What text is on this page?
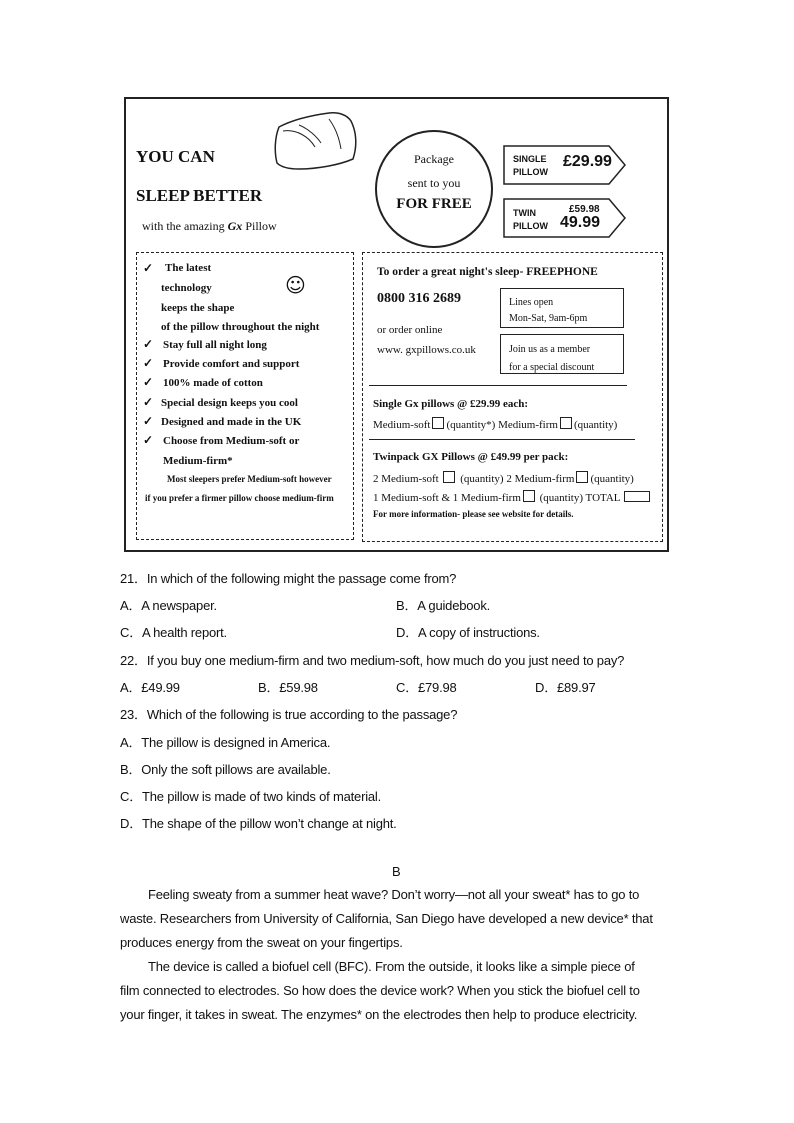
YOU CAN
SLEEP BETTER
with the amazing Gx Pillow
Package
sent to you
FOR FREE
SINGLE
PILLOW
£29.99
TWIN
PILLOW
£59.98
49.99
✓ The latest
technology
keeps the shape
of the pillow throughout the night
☺
✓ Stay full all night long
✓ Provide comfort and support
✓ 100% made of cotton
✓ Special design keeps you cool
✓ Designed and made in the UK
✓ Choose from Medium-soft or
Medium-firm*
Most sleepers prefer Medium-soft however
if you prefer a firmer pillow choose medium-firm
To order a great night's sleep- FREEPHONE
0800 316 2689
or order online
www. gxpillows.co.uk
Lines open
Mon-Sat, 9am-6pm
Join us as a member
for a special discount
Single Gx pillows @ £29.99 each:
Medium-soft (quantity*) Medium-firm (quantity)
Twinpack GX Pillows @ £49.99 per pack:
2 Medium-soft (quantity) 2 Medium-firm (quantity)
1 Medium-soft & 1 Medium-firm (quantity) TOTAL
For more information- please see website for details.
21．In which of the following might the passage come from?
A．A newspaper.	B．A guidebook.
C．A health report.	D．A copy of instructions.
22．If you buy one medium-firm and two medium-soft, how much do you just need to pay?
A．£49.99	B．£59.98	C．£79.98	D．£89.97
23．Which of the following is true according to the passage?
A．The pillow is designed in America.
B．Only the soft pillows are available.
C．The pillow is made of two kinds of material.
D．The shape of the pillow won’t change at night.
B
Feeling sweaty from a summer heat wave? Don’t worry—not all your sweat* has to go to
waste. Researchers from University of California, San Diego have developed a new device* that
produces energy from the sweat on your fingertips.
The device is called a biofuel cell (BFC). From the outside, it looks like a simple piece of
film connected to electrodes. So how does the device work? When you stick the biofuel cell to
your finger, it takes in sweat. The enzymes* on the electrodes then help to produce electricity.
